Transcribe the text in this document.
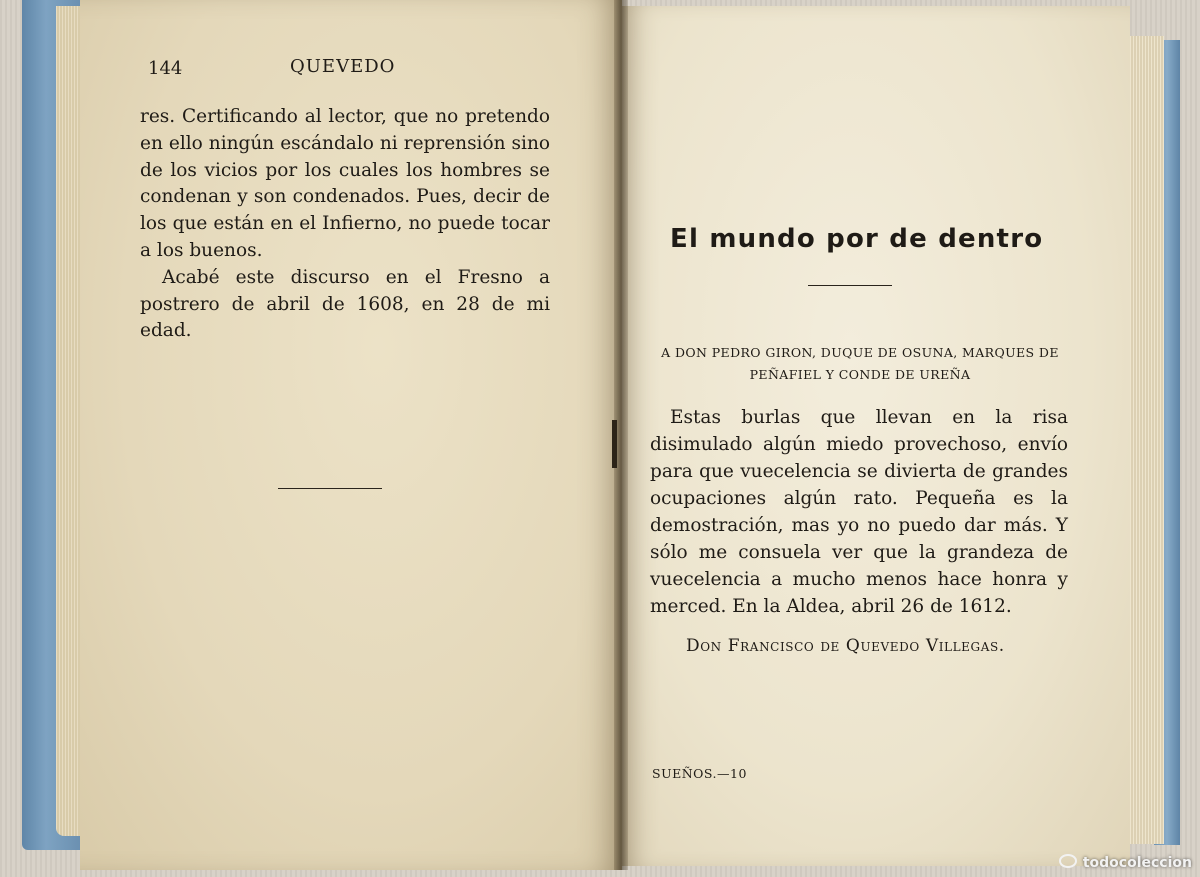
144	QUEVEDO

res. Certificando al lector, que no pretendo en ello ningún escándalo ni reprensión sino de los vicios por los cuales los hombres se condenan y son condenados. Pues, decir de los que están en el Infierno, no puede tocar a los buenos.

Acabé este discurso en el Fresno a postrero de abril de 1608, en 28 de mi edad.

El mundo por de dentro
A DON PEDRO GIRON, DUQUE DE OSUNA, MARQUES DE PEÑAFIEL Y CONDE DE UREÑA

Estas burlas que llevan en la risa disimulado algún miedo provechoso, envío para que vuecelencia se divierta de grandes ocupaciones algún rato. Pequeña es la demostración, mas yo no puedo dar más. Y sólo me consuela ver que la grandeza de vuecelencia a mucho menos hace honra y merced. En la Aldea, abril 26 de 1612.

Don Francisco de Quevedo Villegas.
SUEÑOS.—10
todocoleccion
